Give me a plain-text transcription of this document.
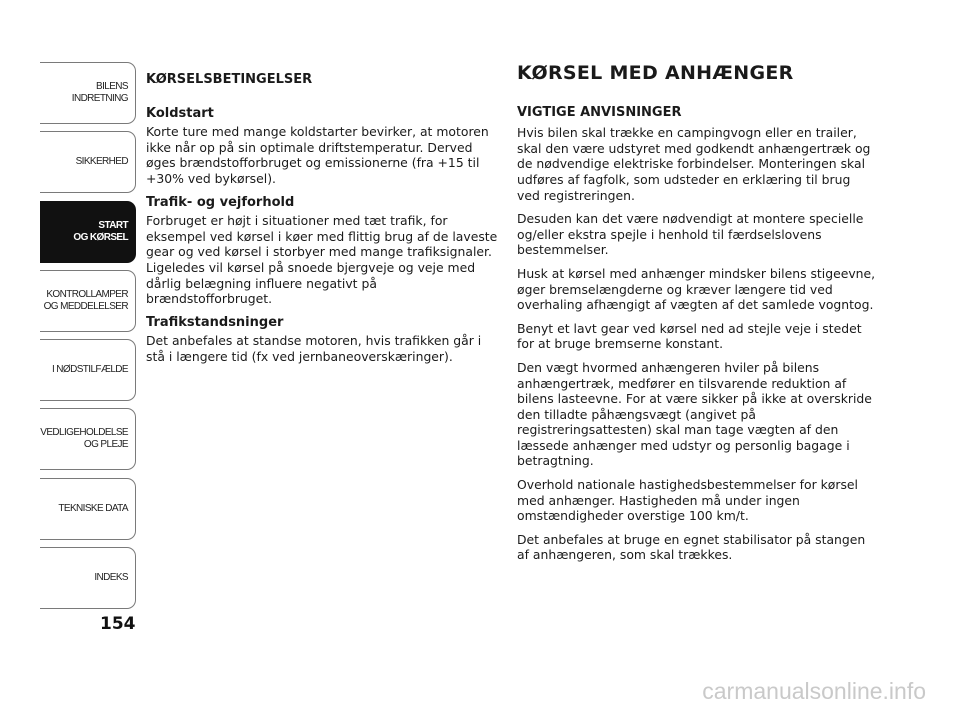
BILENS
INDRETNING
SIKKERHED
START
OG KØRSEL
KONTROLLAMPER
OG MEDDELELSER
I NØDSTILFÆLDE
VEDLIGEHOLDELSE
OG PLEJE
TEKNISKE DATA
INDEKS
154
KØRSELSBETINGELSER
Koldstart

Korte ture med mange koldstarter bevirker, at motoren ikke når op på sin optimale driftstemperatur. Derved øges brændstofforbruget og emissionerne (fra +15 til +30% ved bykørsel).

Trafik- og vejforhold

Forbruget er højt i situationer med tæt trafik, for eksempel ved kørsel i køer med flittig brug af de laveste gear og ved kørsel i storbyer med mange trafiksignaler. Ligeledes vil kørsel på snoede bjergveje og veje med dårlig belægning influere negativt på brændstofforbruget.

Trafikstandsninger

Det anbefales at standse motoren, hvis trafikken går i stå i længere tid (fx ved jernbaneoverskæringer).

KØRSEL MED ANHÆNGER
VIGTIGE ANVISNINGER

Hvis bilen skal trække en campingvogn eller en trailer, skal den være udstyret med godkendt anhængertræk og de nødvendige elektriske forbindelser. Monteringen skal udføres af fagfolk, som udsteder en erklæring til brug ved registreringen.

Desuden kan det være nødvendigt at montere specielle og/eller ekstra spejle i henhold til færdselslovens bestemmelser.

Husk at kørsel med anhænger mindsker bilens stigeevne, øger bremselængderne og kræver længere tid ved overhaling afhængigt af vægten af det samlede vogntog.

Benyt et lavt gear ved kørsel ned ad stejle veje i stedet for at bruge bremserne konstant.

Den vægt hvormed anhængeren hviler på bilens anhængertræk, medfører en tilsvarende reduktion af bilens lasteevne. For at være sikker på ikke at overskride den tilladte påhængsvægt (angivet på registreringsattesten) skal man tage vægten af den læssede anhænger med udstyr og personlig bagage i betragtning.

Overhold nationale hastighedsbestemmelser for kørsel med anhænger. Hastigheden må under ingen omstændigheder overstige 100 km/t.

Det anbefales at bruge en egnet stabilisator på stangen af anhængeren, som skal trækkes.

carmanualsonline.info
